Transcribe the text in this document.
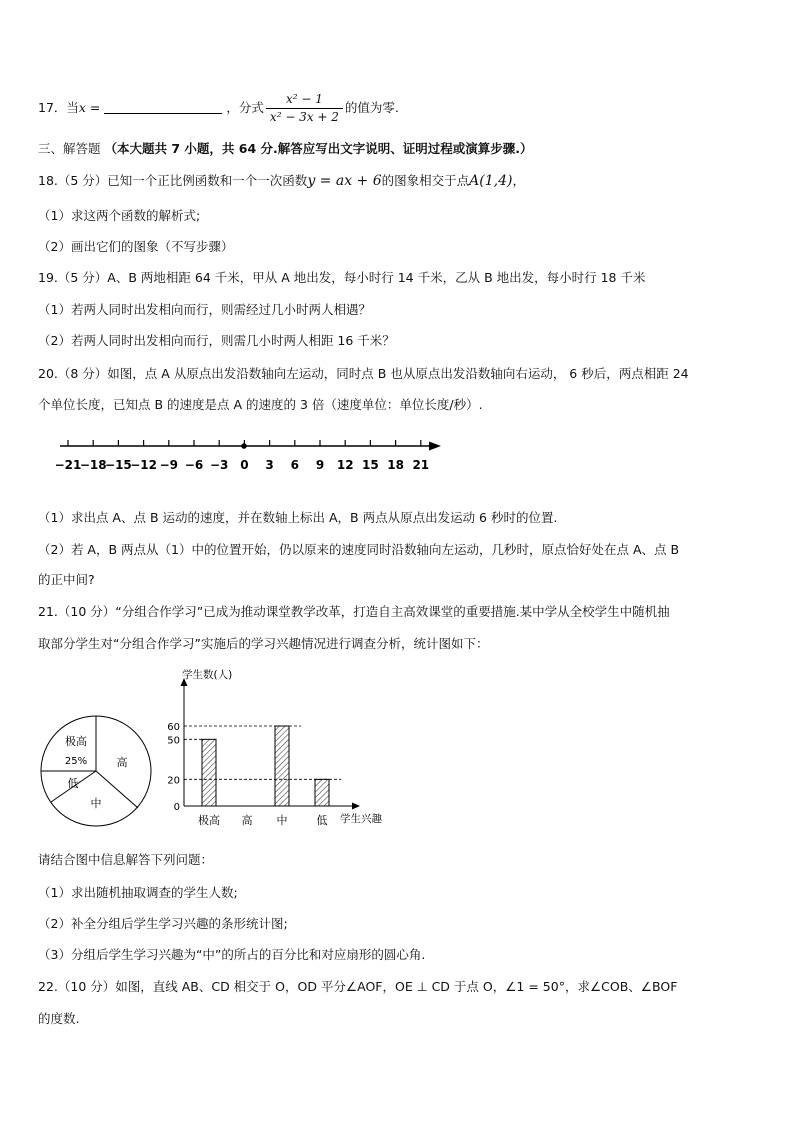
17．当x =	，分式 $\frac{\text{x² − 1}}{\text{x² − 3x + 2}}$ 的值为零.
三、解答题 （本大题共 7 小题，共 64 分.解答应写出文字说明、证明过程或演算步骤.）
18.（5 分）已知一个正比例函数和一个一次函数y = ax + 6的图象相交于点A(1,4)，
（1）求这两个函数的解析式;
（2）画出它们的图象（不写步骤）
19.（5 分）A、B 两地相距 64 千米，甲从 A 地出发，每小时行 14 千米，乙从 B 地出发，每小时行 18 千米
（1）若两人同时出发相向而行，则需经过几小时两人相遇？
（2）若两人同时出发相向而行，则需几小时两人相距 16 千米？
20.（8 分）如图，点 A 从原点出发沿数轴向左运动，同时点 B 也从原点出发沿数轴向右运动， 6 秒后，两点相距 24
个单位长度，已知点 B 的速度是点 A 的速度的 3 倍（速度单位：单位长度/秒）.
−21
−18
−15
−12 −9 −6 −3 0 3 6 9 12 15 18 21
（1）求出点 A、点 B 运动的速度，并在数轴上标出 A，B 两点从原点出发运动 6 秒时的位置.
（2）若 A，B 两点从（1）中的位置开始，仍以原来的速度同时沿数轴向左运动，几秒时，原点恰好处在点 A、点 B
的正中间?
21.（10 分）“分组合作学习”已成为推动课堂教学改革，打造自主高效课堂的重要措施.某中学从全校学生中随机抽
取部分学生对“分组合作学习”实施后的学习兴趣情况进行调查分析，统计图如下：
极高
25%	高
低
中
学生数(人)
学生兴趣
0
20
50
60
极高 高 中	低
请结合图中信息解答下列问题：
（1）求出随机抽取调查的学生人数;
（2）补全分组后学生学习兴趣的条形统计图;
（3）分组后学生学习兴趣为“中”的所占的百分比和对应扇形的圆心角.
22.（10 分）如图，直线 AB、CD 相交于 O，OD 平分∠AOF，OE ⊥ CD 于点 O，∠1 = 50°，求∠COB、∠BOF
的度数.
